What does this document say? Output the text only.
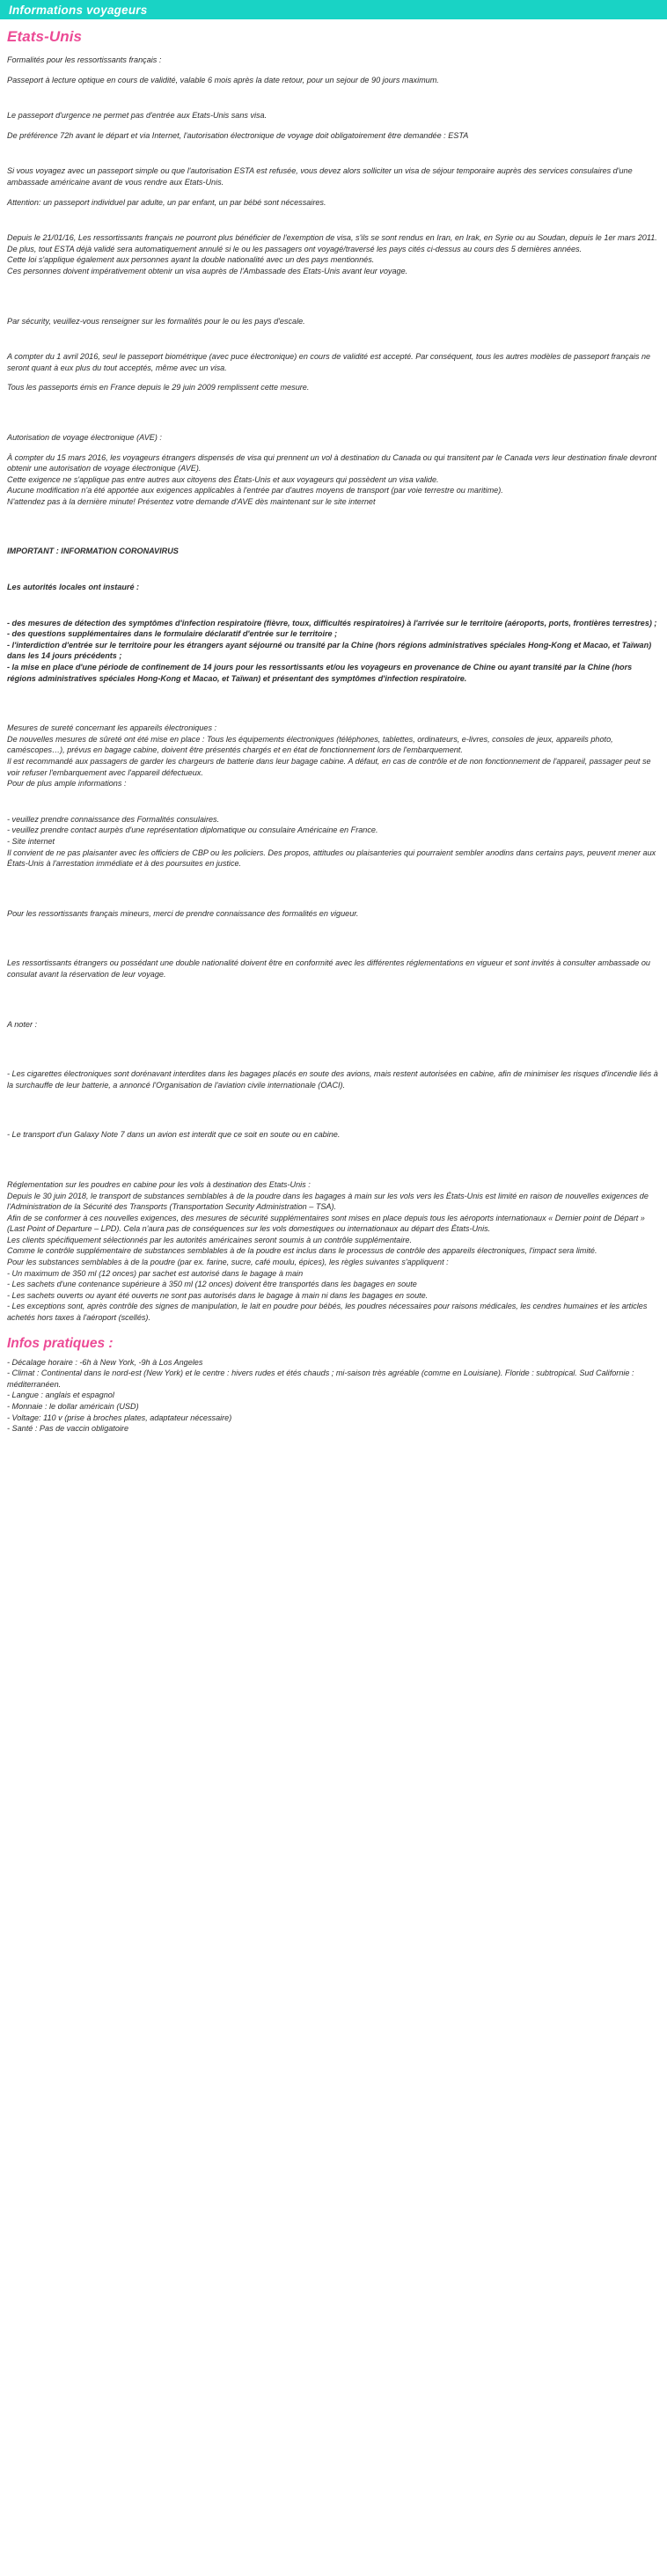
Informations voyageurs
Etats-Unis

Formalités pour les ressortissants français :

Passeport à lecture optique en cours de validité, valable 6 mois après la date retour, pour un sejour de 90 jours maximum.

Le passeport d'urgence ne permet pas d'entrée aux Etats-Unis sans visa.

De préférence 72h avant le départ et via Internet, l'autorisation électronique de voyage doit obligatoirement être demandée : ESTA

Si vous voyagez avec un passeport simple ou que l'autorisation ESTA est refusée, vous devez alors solliciter un visa de séjour temporaire auprès des services consulaires d'une ambassade américaine avant de vous rendre aux Etats-Unis.

Attention: un passeport individuel par adulte, un par enfant, un par bébé sont nécessaires.

Depuis le 21/01/16, Les ressortissants français ne pourront plus bénéficier de l'exemption de visa, s'ils se sont rendus en Iran, en Irak, en Syrie ou au Soudan, depuis le 1er mars 2011.

De plus, tout ESTA déjà validé sera automatiquement annulé si le ou les passagers ont voyagé/traversé les pays cités ci-dessus au cours des 5 dernières années.

Cette loi s'applique également aux personnes ayant la double nationalité avec un des pays mentionnés.

Ces personnes doivent impérativement obtenir un visa auprès de l'Ambassade des Etats-Unis avant leur voyage.

Par sécurity, veuillez-vous renseigner sur les formalités pour le ou les pays d'escale.

A compter du 1 avril 2016, seul le passeport biométrique (avec puce électronique) en cours de validité est accepté. Par conséquent, tous les autres modèles de passeport français ne seront quant à eux plus du tout acceptés, même avec un visa.

Tous les passeports émis en France depuis le 29 juin 2009 remplissent cette mesure.

Autorisation de voyage électronique (AVE) :

À compter du 15 mars 2016, les voyageurs étrangers dispensés de visa qui prennent un vol à destination du Canada ou qui transitent par le Canada vers leur destination finale devront obtenir une autorisation de voyage électronique (AVE).

Cette exigence ne s'applique pas entre autres aux citoyens des États-Unis et aux voyageurs qui possèdent un visa valide.

Aucune modification n'a été apportée aux exigences applicables à l'entrée par d'autres moyens de transport (par voie terrestre ou maritime).

N'attendez pas à la dernière minute! Présentez votre demande d'AVE dès maintenant sur le site internet

IMPORTANT : INFORMATION CORONAVIRUS

Les autorités locales ont instauré :

- des mesures de détection des symptômes d'infection respiratoire (fièvre, toux, difficultés respiratoires) à l'arrivée sur le territoire (aéroports, ports, frontières terrestres) ;

- des questions supplémentaires dans le formulaire déclaratif d'entrée sur le territoire ;

- l'interdiction d'entrée sur le territoire pour les étrangers ayant séjourné ou transité par la Chine (hors régions administratives spéciales Hong-Kong et Macao, et Taïwan) dans les 14 jours précédents ;

- la mise en place d'une période de confinement de 14 jours pour les ressortissants et/ou les voyageurs en provenance de Chine ou ayant transité par la Chine (hors régions administratives spéciales Hong-Kong et Macao, et Taïwan) et présentant des symptômes d'infection respiratoire.

Mesures de sureté concernant les appareils électroniques :

De nouvelles mesures de sûreté ont été mise en place : Tous les équipements électroniques (téléphones, tablettes, ordinateurs, e-livres, consoles de jeux, appareils photo, caméscopes…), prévus en bagage cabine, doivent être présentés chargés et en état de fonctionnement lors de l'embarquement.

Il est recommandé aux passagers de garder les chargeurs de batterie dans leur bagage cabine. A défaut, en cas de contrôle et de non fonctionnement de l'appareil, passager peut se voir refuser l'embarquement avec l'appareil défectueux.

Pour de plus ample informations :

- veuillez prendre connaissance des Formalités consulaires.

- veuillez prendre contact aurpès d'une représentation diplomatique ou consulaire Américaine en France.

- Site internet

Il convient de ne pas plaisanter avec les officiers de CBP ou les policiers. Des propos, attitudes ou plaisanteries qui pourraient sembler anodins dans certains pays, peuvent mener aux États-Unis à l'arrestation immédiate et à des poursuites en justice.

Pour les ressortissants français mineurs, merci de prendre connaissance des formalités en vigueur.

Les ressortissants étrangers ou possédant une double nationalité doivent être en conformité avec les différentes réglementations en vigueur et sont invités à consulter ambassade ou consulat avant la réservation de leur voyage.

A noter :

- Les cigarettes électroniques sont dorénavant interdites dans les bagages placés en soute des avions, mais restent autorisées en cabine, afin de minimiser les risques d'incendie liés à la surchauffe de leur batterie, a annoncé l'Organisation de l'aviation civile internationale (OACI).

- Le transport d'un Galaxy Note 7 dans un avion est interdit que ce soit en soute ou en cabine.

Réglementation sur les poudres en cabine pour les vols à destination des Etats-Unis :

Depuis le 30 juin 2018, le transport de substances semblables à de la poudre dans les bagages à main sur les vols vers les États-Unis est limité en raison de nouvelles exigences de l'Administration de la Sécurité des Transports (Transportation Security Administration – TSA).

Afin de se conformer à ces nouvelles exigences, des mesures de sécurité supplémentaires sont mises en place depuis tous les aéroports internationaux « Dernier point de Départ » (Last Point of Departure – LPD). Cela n'aura pas de conséquences sur les vols domestiques ou internationaux au départ des États-Unis.

Les clients spécifiquement sélectionnés par les autorités américaines seront soumis à un contrôle supplémentaire.

Comme le contrôle supplémentaire de substances semblables à de la poudre est inclus dans le processus de contrôle des appareils électroniques, l'impact sera limité.

Pour les substances semblables à de la poudre (par ex. farine, sucre, café moulu, épices), les règles suivantes s'appliquent :

- Un maximum de 350 ml (12 onces) par sachet est autorisé dans le bagage à main

- Les sachets d'une contenance supérieure à 350 ml (12 onces) doivent être transportés dans les bagages en soute

- Les sachets ouverts ou ayant été ouverts ne sont pas autorisés dans le bagage à main ni dans les bagages en soute.

- Les exceptions sont, après contrôle des signes de manipulation, le lait en poudre pour bébés, les poudres nécessaires pour raisons médicales, les cendres humaines et les articles achetés hors taxes à l'aéroport (scellés).

Infos pratiques :

- Décalage horaire : -6h à New York, -9h à Los Angeles

- Climat : Continental dans le nord-est (New York) et le centre : hivers rudes et étés chauds ; mi-saison très agréable (comme en Louisiane). Floride : subtropical. Sud Californie : méditerranéen.

- Langue : anglais et espagnol

- Monnaie : le dollar américain (USD)

- Voltage: 110 v (prise à broches plates, adaptateur nécessaire)

- Santé : Pas de vaccin obligatoire
